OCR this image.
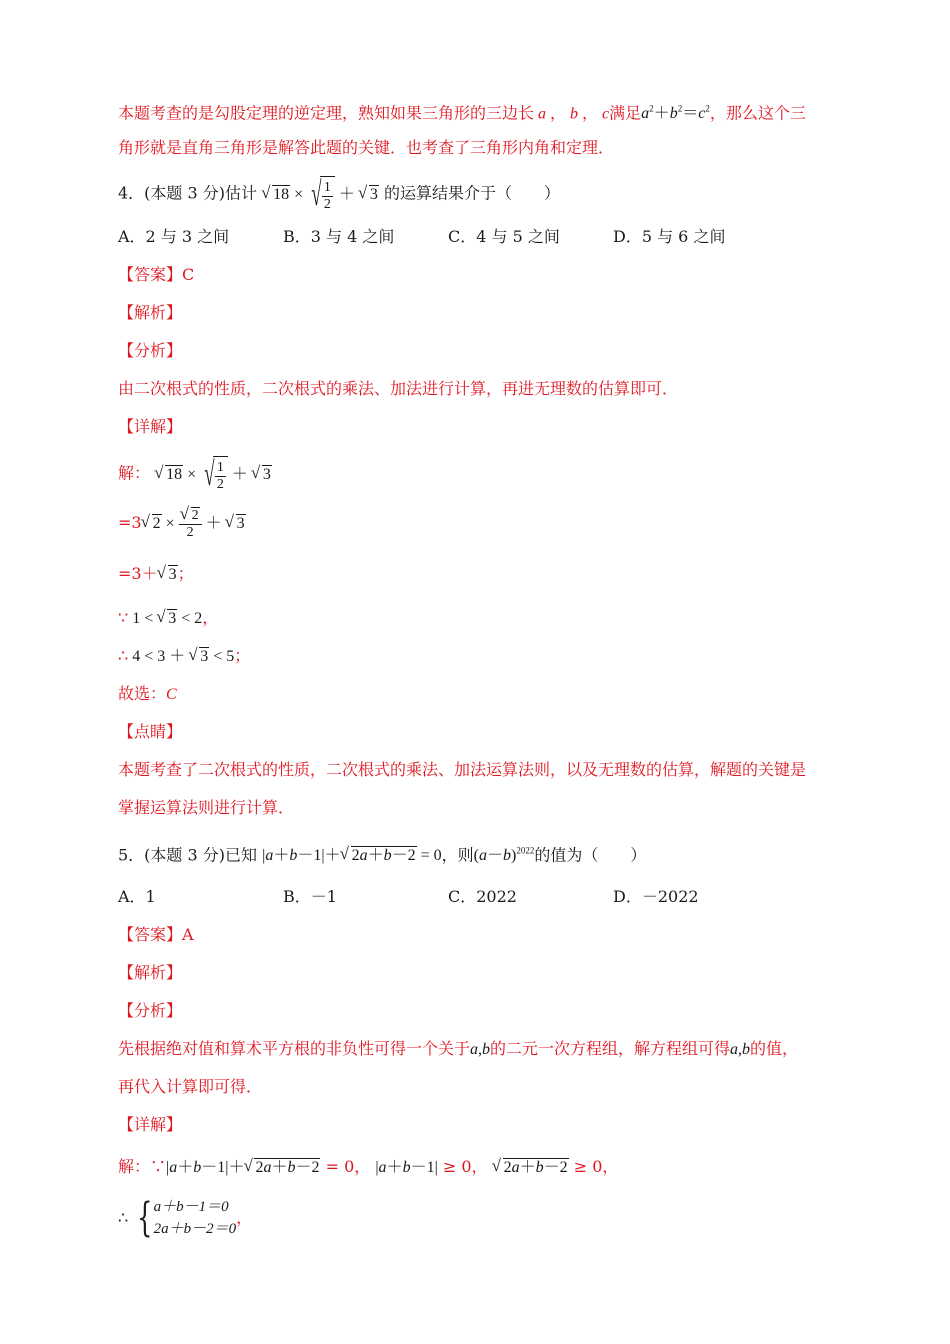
本题考查的是勾股定理的逆定理，熟知如果三角形的三边长 a ， b ， c满足$a^2+b^2=c^2$，那么这个三
角形就是直角三角形是解答此题的关键．也考查了三角形内角和定理．
4．(本题 3 分)估计 √ 18 × √ $\frac{1}{2}$ ＋ √ 3 的运算结果介于（　　）
A．2 与 3 之间	B．3 与 4 之间	C．4 与 5 之间	D．5 与 6 之间
【答案】C
【解析】
【分析】
由二次根式的性质，二次根式的乘法、加法进行计算，再进无理数的估算即可．
【详解】
解： √ 18 × √ $\frac{1}{2}$ ＋ √ 3
=3 √ 2 × √ $\frac{2}{2}$ ＋ √ 3
=3＋ √ 3；
∵ 1 < √ 3 < 2，
∴ 4 < 3 ＋ √ 3 < 5；
故选：C
【点睛】
本题考查了二次根式的性质，二次根式的乘法、加法运算法则，以及无理数的估算，解题的关键是
掌握运算法则进行计算．
5．(本题 3 分)已知 |a＋b－1|＋ √ 2a＋b－2 = 0，则$(a-b)^{2022}$的值为（　　）
A．1	B．－1	C．2022	D．－2022
【答案】A
【解析】
【分析】
先根据绝对值和算术平方根的非负性可得一个关于a,b的二元一次方程组，解方程组可得a,b的值，
再代入计算即可得．
【详解】
解：∵|a＋b－1|＋ √ 2a＋b－2 = 0， |a＋b－1| ≥ 0， √ 2a＋b－2 ≥ 0，
∴ { a＋b－1＝0
2a＋b－2＝0
，
